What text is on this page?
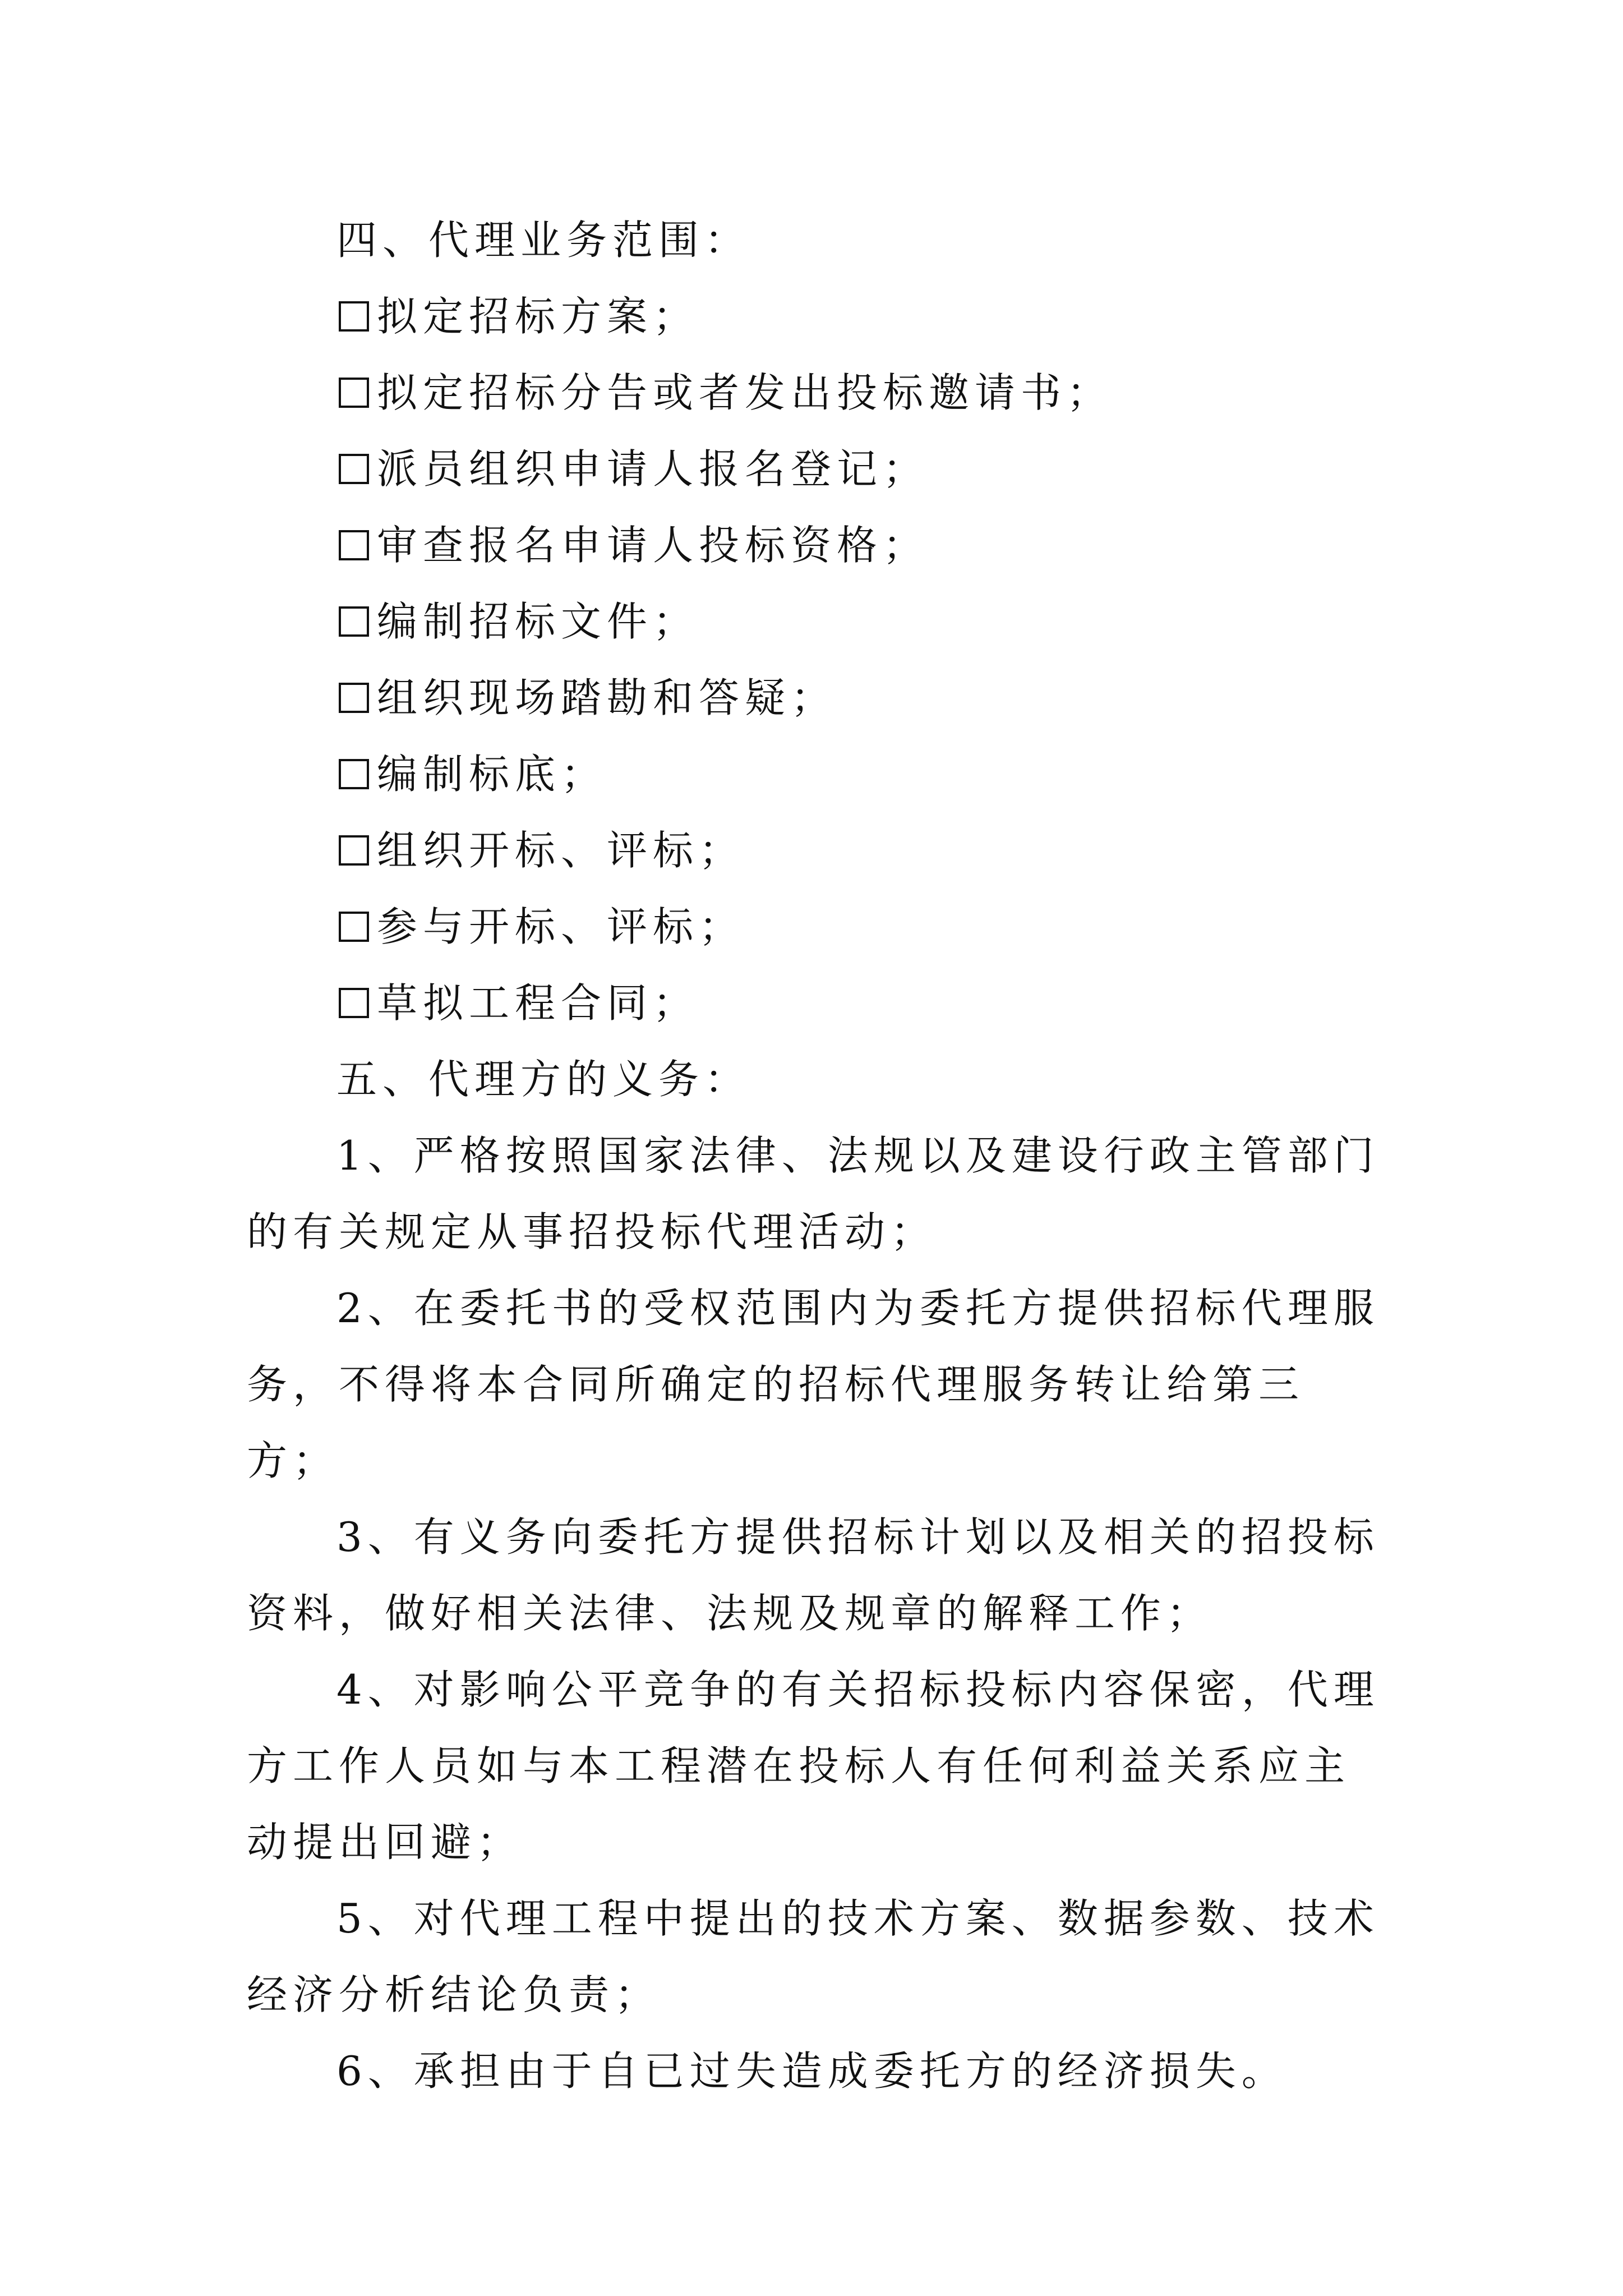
四、代理业务范围：
拟定招标方案；
拟定招标分告或者发出投标邀请书；
派员组织申请人报名登记；
审查报名申请人投标资格；
编制招标文件；
组织现场踏勘和答疑；
编制标底；
组织开标、评标；
参与开标、评标；
草拟工程合同；
五、代理方的义务：
1、严格按照国家法律、法规以及建设行政主管部门的有关规定从事招投标代理活动；
2、在委托书的受权范围内为委托方提供招标代理服务，不得将本合同所确定的招标代理服务转让给第三方；
3、有义务向委托方提供招标计划以及相关的招投标资料，做好相关法律、法规及规章的解释工作；
4、对影响公平竞争的有关招标投标内容保密，代理方工作人员如与本工程潜在投标人有任何利益关系应主动提出回避；
5、对代理工程中提出的技术方案、数据参数、技术经济分析结论负责；
6、承担由于自已过失造成委托方的经济损失。
